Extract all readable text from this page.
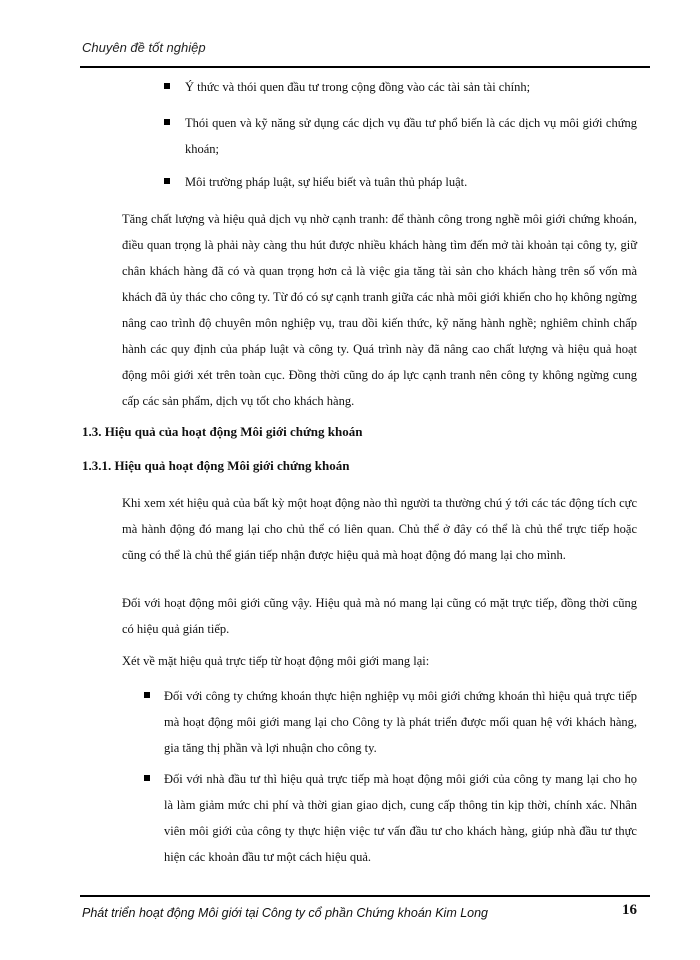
Chuyên đề tốt nghiệp
Ý thức và thói quen đầu tư trong cộng đồng vào các tài sản tài chính;
Thói quen và kỹ năng sử dụng các dịch vụ đầu tư phổ biến là các dịch vụ môi giới chứng khoán;
Môi trường pháp luật, sự hiểu biết và tuân thủ pháp luật.
Tăng chất lượng và hiệu quả dịch vụ nhờ cạnh tranh: để thành công trong nghề môi giới chứng khoán, điều quan trọng là phải này càng thu hút được nhiều khách hàng tìm đến mở tài khoản tại công ty, giữ chân khách hàng đã có và quan trọng hơn cả là việc gia tăng tài sản cho khách hàng trên số vốn mà khách đã ủy thác cho công ty. Từ đó có sự cạnh tranh giữa các nhà môi giới khiến cho họ không ngừng nâng cao trình độ chuyên môn nghiệp vụ, trau dồi kiến thức, kỹ năng hành nghề; nghiêm chỉnh chấp hành các quy định của pháp luật và công ty. Quá trình này đã nâng cao chất lượng và hiệu quả hoạt động môi giới xét trên toàn cục. Đồng thời cũng do áp lực cạnh tranh nên công ty không ngừng cung cấp các sản phẩm, dịch vụ tốt cho khách hàng.
1.3. Hiệu quả của hoạt động Môi giới chứng khoán
1.3.1. Hiệu quả hoạt động Môi giới chứng khoán
Khi xem xét hiệu quả của bất kỳ một hoạt động nào thì người ta thường chú ý tới các tác động tích cực mà hành động đó mang lại cho chủ thể có liên quan. Chủ thể ở đây có thể là chủ thể trực tiếp hoặc cũng có thể là chủ thể gián tiếp nhận được hiệu quả mà hoạt động đó mang lại cho mình.
Đối với hoạt động môi giới cũng vậy. Hiệu quả mà nó mang lại cũng có mặt trực tiếp, đồng thời cũng có hiệu quả gián tiếp.
Xét về mặt hiệu quả trực tiếp từ hoạt động môi giới mang lại:
Đối với công ty chứng khoán thực hiện nghiệp vụ môi giới chứng khoán thì hiệu quả trực tiếp mà hoạt động môi giới mang lại cho Công ty là phát triển được mối quan hệ với khách hàng, gia tăng thị phần và lợi nhuận cho công ty.
Đối với nhà đầu tư thì hiệu quả trực tiếp mà hoạt động môi giới của công ty mang lại cho họ là làm giảm mức chi phí và thời gian giao dịch, cung cấp thông tin kịp thời, chính xác. Nhân viên môi giới của công ty thực hiện việc tư vấn đầu tư cho khách hàng, giúp nhà đầu tư thực hiện các khoản đầu tư một cách hiệu quả.
Phát triển hoạt động Môi giới tại Công ty cổ phần Chứng khoán Kim Long	16
